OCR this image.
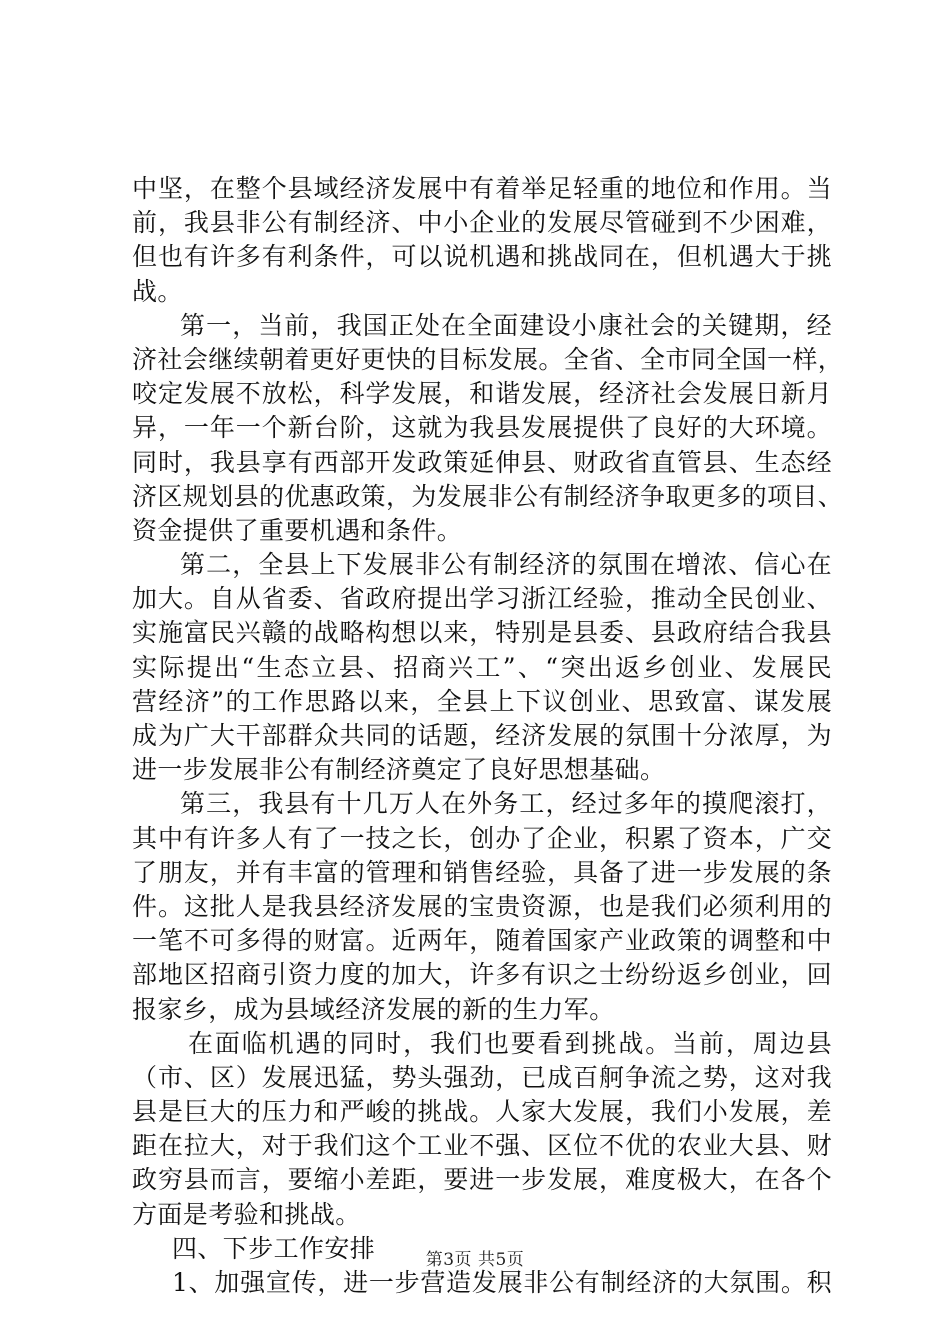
中坚，在整个县域经济发展中有着举足轻重的地位和作用。当
前，我县非公有制经济、中小企业的发展尽管碰到不少困难，
但也有许多有利条件，可以说机遇和挑战同在，但机遇大于挑
战。
第一，当前，我国正处在全面建设小康社会的关键期，经
济社会继续朝着更好更快的目标发展。全省、全市同全国一样，
咬定发展不放松，科学发展，和谐发展，经济社会发展日新月
异，一年一个新台阶，这就为我县发展提供了良好的大环境。
同时，我县享有西部开发政策延伸县、财政省直管县、生态经
济区规划县的优惠政策，为发展非公有制经济争取更多的项目、
资金提供了重要机遇和条件。
第二，全县上下发展非公有制经济的氛围在增浓、信心在
加大。自从省委、省政府提出学习浙江经验，推动全民创业、
实施富民兴赣的战略构想以来，特别是县委、县政府结合我县
实际提出“生态立县、招商兴工”、“突出返乡创业、发展民
营经济”的工作思路以来，全县上下议创业、思致富、谋发展
成为广大干部群众共同的话题，经济发展的氛围十分浓厚，为
进一步发展非公有制经济奠定了良好思想基础。
第三，我县有十几万人在外务工，经过多年的摸爬滚打，
其中有许多人有了一技之长，创办了企业，积累了资本，广交
了朋友，并有丰富的管理和销售经验，具备了进一步发展的条
件。这批人是我县经济发展的宝贵资源，也是我们必须利用的
一笔不可多得的财富。近两年，随着国家产业政策的调整和中
部地区招商引资力度的加大，许多有识之士纷纷返乡创业，回
报家乡，成为县域经济发展的新的生力军。
在面临机遇的同时，我们也要看到挑战。当前，周边县
（市、区）发展迅猛，势头强劲，已成百舸争流之势，这对我
县是巨大的压力和严峻的挑战。人家大发展，我们小发展，差
距在拉大，对于我们这个工业不强、区位不优的农业大县、财
政穷县而言，要缩小差距，要进一步发展，难度极大，在各个
方面是考验和挑战。
四、下步工作安排
1、加强宣传，进一步营造发展非公有制经济的大氛围。积
第3页 共5页
